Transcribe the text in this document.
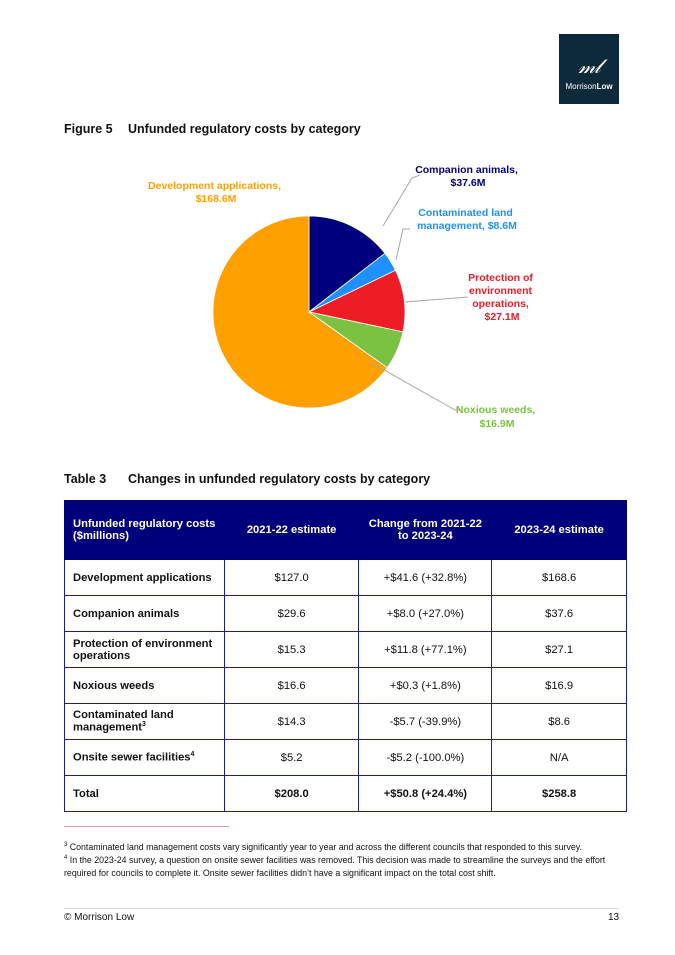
𝓂𝓁
MorrisonLow
Figure 5 Unfunded regulatory costs by category
Companion animals, $37.6M
Contaminated land management, $8.6M
Protection of environment operations, $27.1M
Noxious weeds, $16.9M
Development applications, $168.6M
Table 3 Changes in unfunded regulatory costs by category
Unfunded regulatory costs ($millions)	2021-22 estimate	Change from 2021-22 to 2023-24	2023-24 estimate
Development applications	$127.0	+$41.6 (+32.8%)	$168.6
Companion animals	$29.6	+$8.0 (+27.0%)	$37.6
Protection of environment operations	$15.3	+$11.8 (+77.1%)	$27.1
Noxious weeds	$16.6	+$0.3 (+1.8%)	$16.9
Contaminated land management$^3$	$14.3	-$5.7 (-39.9%)	$8.6
Onsite sewer facilities$^4$	$5.2	-$5.2 (-100.0%)	N/A
Total	$208.0	+$50.8 (+24.4%)	$258.8
$^3$ Contaminated land management costs vary significantly year to year and across the different councils that responded to this survey.
$^4$ In the 2023-24 survey, a question on onsite sewer facilities was removed. This decision was made to streamline the surveys and the effort required for councils to complete it. Onsite sewer facilities didn’t have a significant impact on the total cost shift.
© Morrison Low	13
